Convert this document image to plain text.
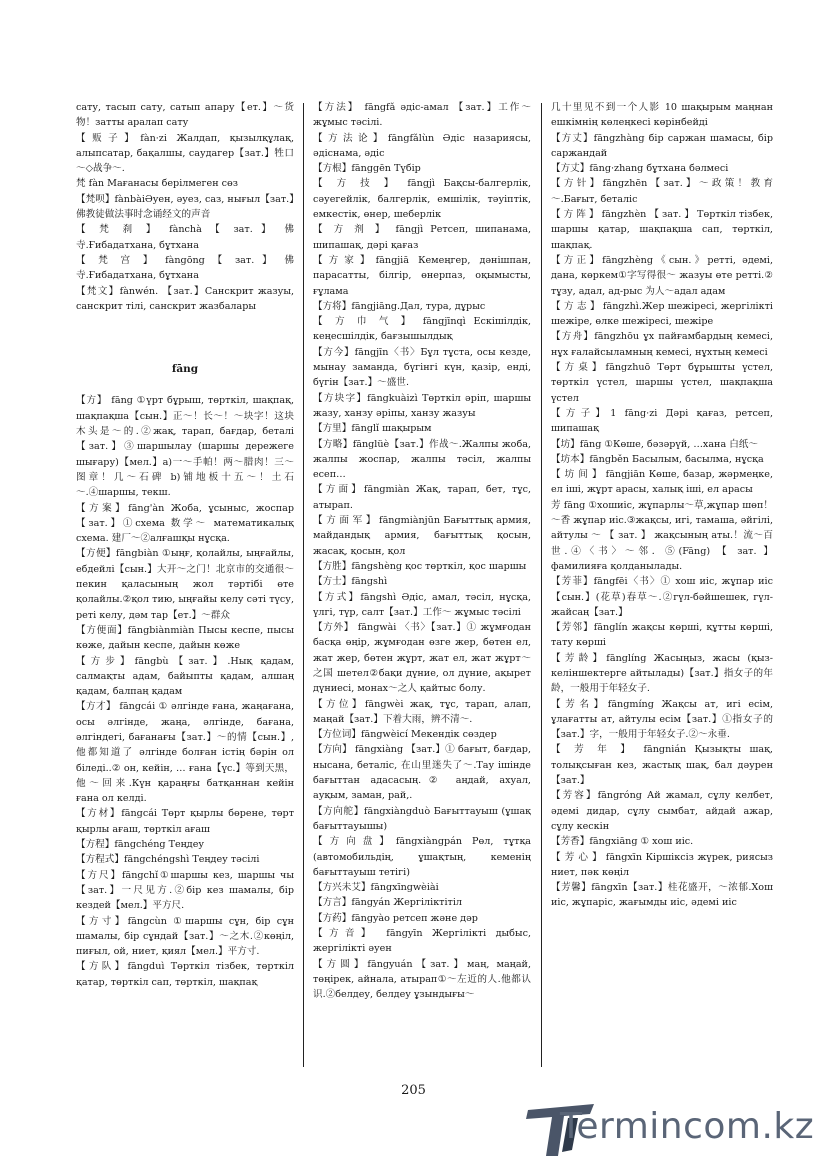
сату, тасып сату, сатып апару【ет.】～货物！затты аралап сату

【贩子】fàn·zi Жалдап, қызылқұлақ, алыпсатар, бақалшы, саудагер【зат.】牲口～◇战争～.

梵 fàn Мағанасы берілмеген сөз

【梵呗】fànbàiӘуен, әуез, саз, нығыл【зат.】佛教徒做法事时念诵经文的声音

【 梵 刹 】 fànchà 【 зат. 】 佛寺.Ғибадатхана, бұтхана

【 梵 宫 】 fàngōng 【 зат. 】 佛寺.Ғибадатхана, бұтхана

【梵文】fànwén. 【зат.】Санскрит жазуы, санскрит тілі, санскрит жазбалары

fāng

【方】 fāng ①үрт бұрыш, төрткіл, шақпақ, шақпақша【сын.】正～！长～！～块字！这块木头是～的.②жақ, тарап, бағдар, беталі 【зат.】③шаршылау (шаршы дережеге шығару)【мел.】a)一～手帕！两～腊肉！三～图章！几～石碑 b)铺地板十五～！土石～.④шаршы, текш.

【方案】fāng'àn Жоба, ұсыныс, жоспар【зат.】①схема 数学～ математикалық схема. 建厂～②алғашқы нұсқа.

【方便】fāngbiàn ①ыңғ, қолайлы, ыңғайлы, ебдейлі【сын.】大开～之门！北京市的交通很～ пекин қаласының жол тәртібі өте қолайлы.②қол тию, ыңғайы келу сәті түсу, реті келу, дәм тар【ет.】～群众

【方便面】fāngbiànmiàn Пысы кеспе, пысы көже, дайын кеспе, дайын көже

【方步】fāngbù【зат.】.Нық қадам, салмақты адам, байыпты қадам, алшаң қадам, балпаң қадам

【方才】 fāngcái ① әлгінде ғана, жаңағана, осы әлгінде, жаңа, әлгінде, бағана, әлгіндегі, бағанағы【зат.】～的情【сын.】,他都知道了 әлгінде болған істің бәрін ол біледі..② он, кейін, … ғана【үс.】等到天黑，他～回来.Күн қараңғы батқаннан кейін ғана ол келді.

【方材】fāngcái Төрт қырлы бөрене, төрт қырлы ағаш, төрткіл ағаш

【方程】fāngchéng Теңдеу

【方程式】fāngchéngshì Теңдеу тәсілі

【方尺】fāngchǐ①шаршы кез, шаршы чы【зат.】一尺见方.②бір кез шамалы, бір кездей【мел.】平方尺.

【方寸】fāngcùn ①шаршы сұн, бір сұн шамалы, бір сұндай【зат.】～之木.②көңіл, пиғыл, ой, ниет, қиял【мел.】平方寸.

【方队】fāngduì Төрткіл тізбек, төрткіл қатар, төрткіл сап, төрткіл, шақпақ

【方法】 fāngfǎ әдіс-амал 【зат.】工作～ жұмыс тәсілі.

【方法论】fāngfǎlùn Әдіс назариясы, әдіснама, әдіс

【方根】fānggēn Түбір

【 方 技 】 fāngjì Бақсы-балгерлік, сәуегейлік, балгерлік, емшілік, тәуіптік, емкестік, өнер, шеберлік

【 方 剂 】 fāngjì Ретсеп, шипанама, шипашақ, дәрі қағаз

【方家】fāngjiā Кемеңгер, дәнішпан, парасатты, білгір, өнерпаз, оқымысты, ғұлама

【方将】fāngjiāng.Дал, тура, дұрыс

【 方 巾 气 】 fāngjīnqì Ескішілдік, кеңесшілдік, бағзышылдық

【方今】fāngjīn〈书〉Бұл тұста, осы кезде, мынау заманда, бүгінгі күн, қазір, енді, бүгін【зат.】～盛世.

【方块字】fāngkuàizì Төрткіл әріп, шаршы жазу, ханзу әріпы, ханзу жазуы

【方里】fānglǐ шақырым

【方略】fānglüè【зат.】作战～.Жалпы жоба, жалпы жоспар, жалпы тәсіл, жалпы есеп…

【方面】fāngmiàn Жақ, тарап, бет, тұс, атырап.

【 方 面 军 】 fāngmiànjūn Бағыттық армия, майдандық армия, бағыттық қосын, жасақ, қосын, қол

【方胜】fāngshèng қос төрткіл, қос шаршы

【方士】fāngshì

【方式】fāngshì Әдіс, амал, тәсіл, нұсқа, үлгі, түр, салт【зат.】工作～ жұмыс тәсілі

【方外】 fāngwài 〈书〉【зат.】① жұмғодан басқа өңір, жұмғодан өзге жер, бөтен ел, жат жер, бөтен жұрт, жат ел, жат жұрт～之国 шетел②бақи дүние, ол дүние, ақырет дүниесі, монах～之人 қайтыс болу.

【方位】fāngwèi жақ, тұс, тарап, алап, маңай【зат.】下着大雨，辨不清～.

【方位词】fāngwèicí Мекендік сөздер

【方向】 fāngxiàng 【зат.】① бағыт, бағдар, нысана, беталіс, 在山里迷失了～.Тау ішінде бағыттан адасасың.② аңдай, ахуал, ауқым, заман, рай,.

【方向舵】fāngxiàngduò Бағыттауыш (ұшақ бағыттауышы)

【方向盘】fāngxiàngpán Рөл, тұтқа (автомобильдің, ұшақтың, кеменің бағыттауыш тетігі)

【方兴未艾】fāngxīngwèiài

【方言】fāngyán Жергіліктітіл

【方药】fāngyào ретсеп және дәр

【方音】 fāngyīn Жергілікті дыбыс, жергілікті әуен

【方圆】fāngyuán【зат.】маң, маңай, төңірек, айнала, атырап①～左近的人.他都认识.②белдеу, белдеу ұзындығы～

几十里见不到一个人影 10 шақырым маңнан ешкімнің көлеңкесі көрінбейді

【方丈】fāngzhàng бір саржан шамасы, бір саржандай

【方丈】fāng·zhang бұтхана бәлмесі

【方针】fāngzhēn【зат.】～政策！教育～.Бағыт, беталіс

【 方 阵 】 fāngzhèn 【 зат. 】 Төрткіл тізбек, шаршы қатар, шақпақша сап, төрткіл, шақпақ.

【方正】fāngzhèng《сын.》ретті, әдемі, дана, көркем①字写得很～ жазуы өте ретті.② тұзу, адал, ад-рыс 为人～адал адам

【 方 志 】 fāngzhì.Жер шежіресі, жергілікті шежіре, өлке шежіресі, шежіре

【方舟】fāngzhōu ұх пайғамбардың кемесі, нұх ғалайсыламның кемесі, нұхтың кемесі

【方桌】fāngzhuō Төрт бұрышты үстел, төрткіл үстел, шаршы үстел, шақпақша үстел

【方子】1 fāng·zi Дәрі қағаз, ретсеп, шипашақ

【坊】fāng ①Көше, бәзәрүй, …хана 白纸～

【坊本】fāngběn Басылым, басылма, нұсқа

【 坊 间 】 fāngjiān Көше, базар, жәрмеңке, ел іші, жұрт арасы, халық іші, ел арасы

芳 fāng ①хошиіс, жұпарлы～草,жұпар шөп！～香 жұпар иіс.③жақсы, игі, тамаша, әйгілі, айтулы ～ 【 зат. 】 жақсының аты.！流～百世.④〈书〉～邻．⑤(Fāng) 【 зат. 】 фамилияға қолданылады.

【芳菲】fāngfēi〈书〉① хош иіс, жұпар иіс【сын.】(花草)春草～.②гүл-бәйшешек, гүл-жайсаң【зат.】

【芳邻】fānglín жақсы көрші, құтты көрші, тату көрші

【芳龄】fānglíng Жасыңыз, жасы (қыз-келіншектерге айтылады)【зат.】指女子的年龄，一般用于年轻女子.

【芳名】fāngmíng Жақсы ат, игі есім, ұлағатты ат, айтулы есім【зат.】①指女子的【зат.】字，一般用于年轻女子.②～永垂.

【 芳 年 】 fāngnián Қызықты шақ, толықсыған кез, жастық шақ, бал дәурен【зат.】

【芳容】fāngróng Ай жамал, сұлу келбет, әдемі дидар, сұлу сымбат, айдай ажар, сұлу кескін

【芳香】fāngxiāng ① хош иіс.

【 芳 心 】 fāngxīn Кіршіксіз жүрек, риясыз ниет, пәк көңіл

【芳馨】fāngxīn【зат.】桂花盛开，～浓郁.Хош иіс, жұпаріс, жағымды иіс, әдемі иіс

205
Termincom.kz
